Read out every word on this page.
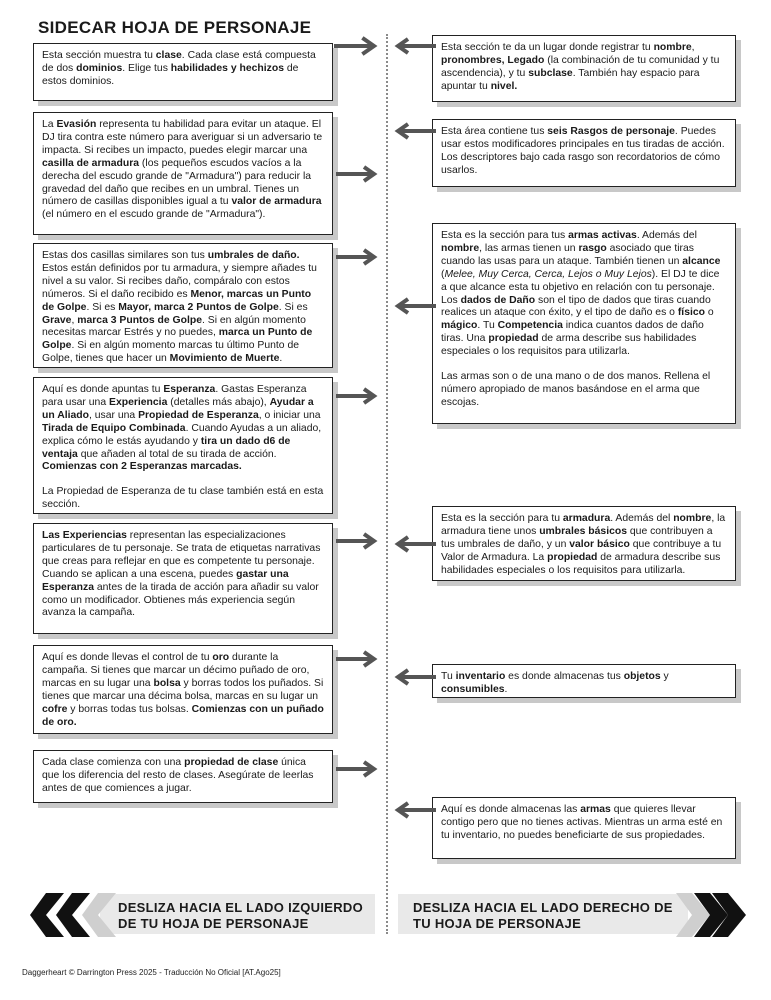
SIDECAR HOJA DE PERSONAJE
Esta sección muestra tu clase. Cada clase está compuesta de dos dominios. Elige tus habilidades y hechizos de estos dominios.
La Evasión representa tu habilidad para evitar un ataque. El DJ tira contra este número para averiguar si un adversario te impacta. Si recibes un impacto, puedes elegir marcar una casilla de armadura (los pequeños escudos vacíos a la derecha del escudo grande de "Armadura") para reducir la gravedad del daño que recibes en un umbral. Tienes un número de casillas disponibles igual a tu valor de armadura (el número en el escudo grande de "Armadura").
Estas dos casillas similares son tus umbrales de daño. Estos están definidos por tu armadura, y siempre añades tu nivel a su valor. Si recibes daño, compáralo con estos números. Si el daño recibido es Menor, marcas un Punto de Golpe. Si es Mayor, marca 2 Puntos de Golpe. Si es Grave, marca 3 Puntos de Golpe. Si en algún momento necesitas marcar Estrés y no puedes, marca un Punto de Golpe. Si en algún momento marcas tu último Punto de Golpe, tienes que hacer un Movimiento de Muerte.

Aquí es donde apuntas tu Esperanza. Gastas Esperanza para usar una Experiencia (detalles más abajo), Ayudar a un Aliado, usar una Propiedad de Esperanza, o iniciar una Tirada de Equipo Combinada. Cuando Ayudas a un aliado, explica cómo le estás ayudando y tira un dado d6 de ventaja que añaden al total de su tirada de acción. Comienzas con 2 Esperanzas marcadas.

La Propiedad de Esperanza de tu clase también está en esta sección.

Las Experiencias representan las especializaciones particulares de tu personaje. Se trata de etiquetas narrativas que creas para reflejar en que es competente tu personaje. Cuando se aplican a una escena, puedes gastar una Esperanza antes de la tirada de acción para añadir su valor como un modificador. Obtienes más experiencia según avanza la campaña.
Aquí es donde llevas el control de tu oro durante la campaña. Si tienes que marcar un décimo puñado de oro, marcas en su lugar una bolsa y borras todos los puñados. Si tienes que marcar una décima bolsa, marcas en su lugar un cofre y borras todas tus bolsas. Comienzas con un puñado de oro.
Cada clase comienza con una propiedad de clase única que los diferencia del resto de clases. Asegúrate de leerlas antes de que comiences a jugar.
Esta sección te da un lugar donde registrar tu nombre, pronombres, Legado (la combinación de tu comunidad y tu ascendencia), y tu subclase. También hay espacio para apuntar tu nivel.
Esta área contiene tus seis Rasgos de personaje. Puedes usar estos modificadores principales en tus tiradas de acción. Los descriptores bajo cada rasgo son recordatorios de cómo usarlos.

Esta es la sección para tus armas activas. Además del nombre, las armas tienen un rasgo asociado que tiras cuando las usas para un ataque. También tienen un alcance (Melee, Muy Cerca, Cerca, Lejos o Muy Lejos). El DJ te dice a que alcance esta tu objetivo en relación con tu personaje. Los dados de Daño son el tipo de dados que tiras cuando realices un ataque con éxito, y el tipo de daño es o físico o mágico. Tu Competencia indica cuantos dados de daño tiras. Una propiedad de arma describe sus habilidades especiales o los requisitos para utilizarla.

Las armas son o de una mano o de dos manos. Rellena el número apropiado de manos basándose en el arma que escojas.

Esta es la sección para tu armadura. Además del nombre, la armadura tiene unos umbrales básicos que contribuyen a tus umbrales de daño, y un valor básico que contribuye a tu Valor de Armadura. La propiedad de armadura describe sus habilidades especiales o los requisitos para utilizarla.
Tu inventario es donde almacenas tus objetos y consumibles.
Aquí es donde almacenas las armas que quieres llevar contigo pero que no tienes activas. Mientras un arma esté en tu inventario, no puedes beneficiarte de sus propiedades.
DESLIZA HACIA EL LADO IZQUIERDO DE TU HOJA DE PERSONAJE
DESLIZA HACIA EL LADO DERECHO DE TU HOJA DE PERSONAJE
Daggerheart © Darrington Press 2025 - Traducción No Oficial [AT.Ago25]
